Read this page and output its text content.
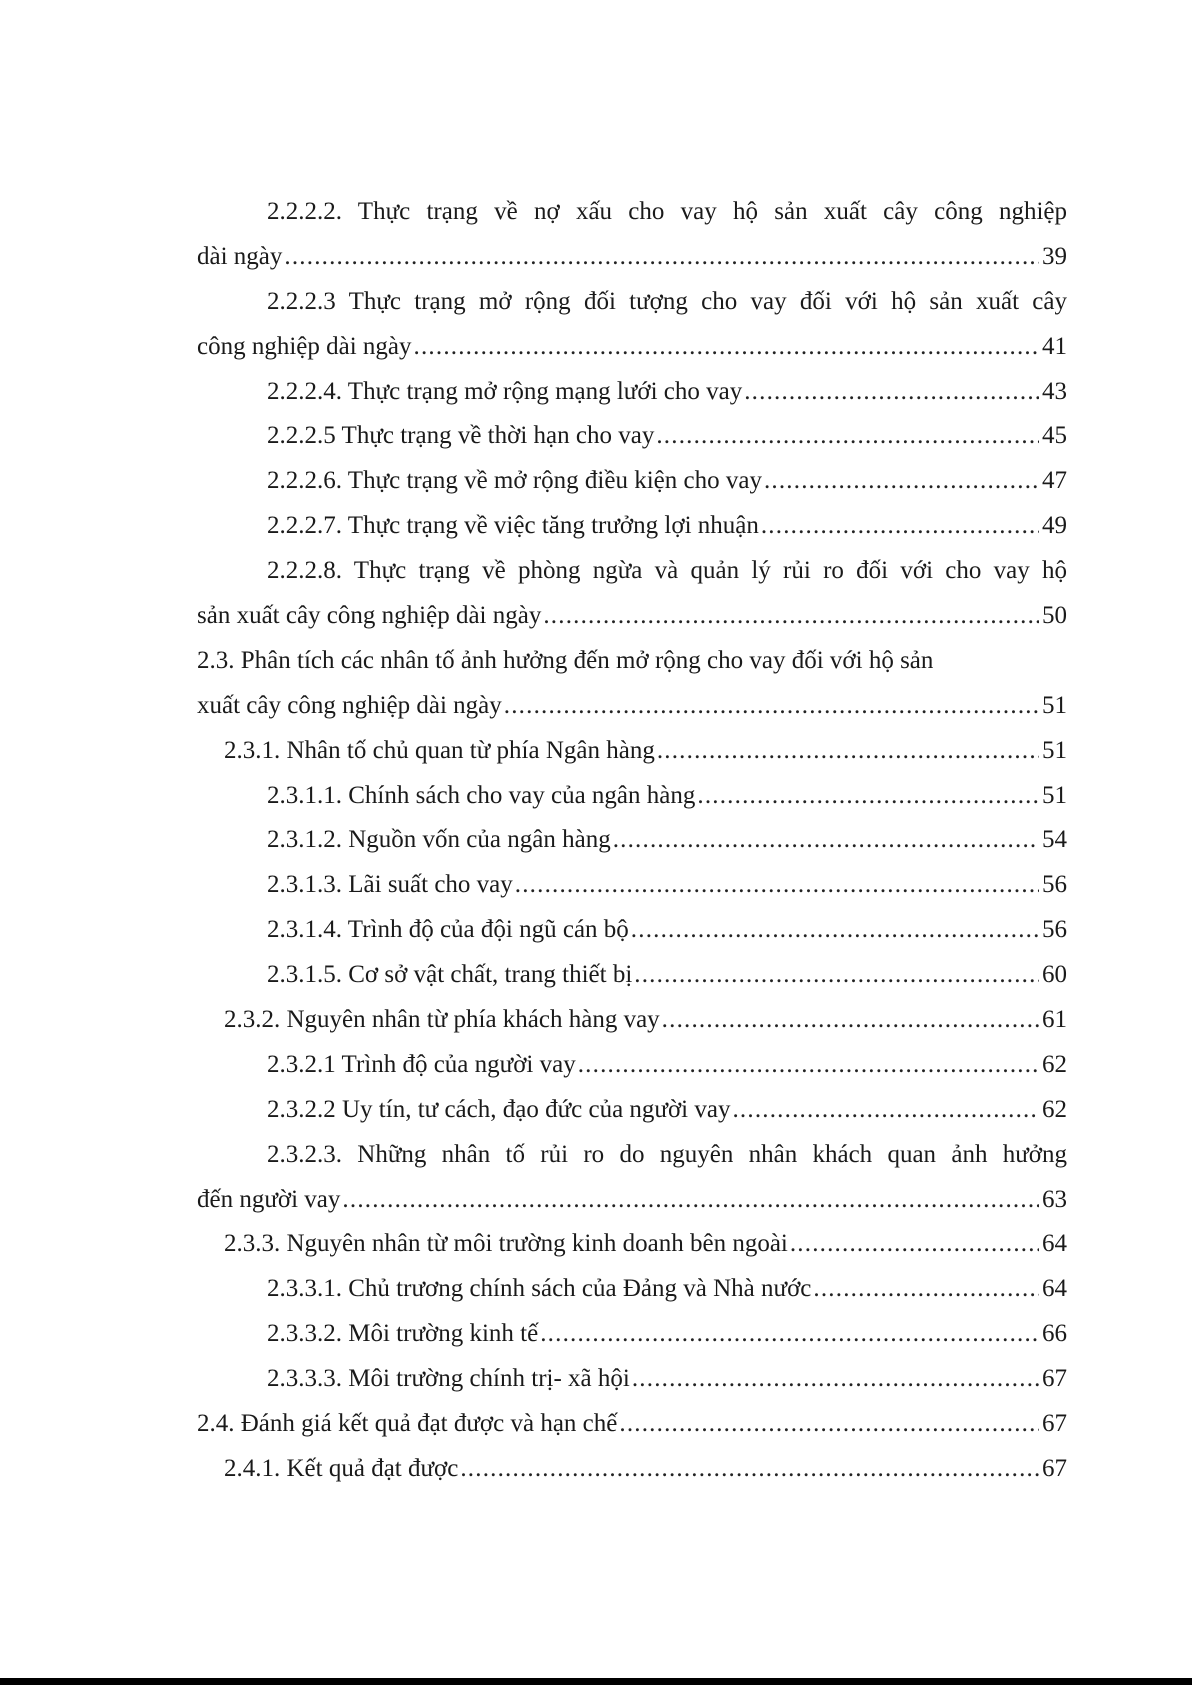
2.2.2.2. Thực trạng về nợ xấu cho vay hộ sản xuất cây công nghiệp
dài ngày .....	39
2.2.2.3 Thực trạng mở rộng đối tượng cho vay đối với hộ sản xuất cây
công nghiệp dài ngày .....	41
2.2.2.4. Thực trạng mở rộng mạng lưới cho vay .....	43
2.2.2.5 Thực trạng về thời hạn cho vay .....	45
2.2.2.6. Thực trạng về mở rộng điều kiện cho vay .....	47
2.2.2.7. Thực trạng về việc tăng trưởng lợi nhuận .....	49
2.2.2.8. Thực trạng về phòng ngừa và quản lý rủi ro đối với cho vay hộ
sản xuất cây công nghiệp dài ngày .....	50
2.3. Phân tích các nhân tố ảnh hưởng đến mở rộng cho vay đối với hộ sản
xuất cây công nghiệp dài ngày .....	51
2.3.1. Nhân tố chủ quan từ phía Ngân hàng .....	51
2.3.1.1. Chính sách cho vay của ngân hàng .....	51
2.3.1.2. Nguồn vốn của ngân hàng .....	54
2.3.1.3. Lãi suất cho vay .....	56
2.3.1.4. Trình độ của đội ngũ cán bộ .....	56
2.3.1.5. Cơ sở vật chất, trang thiết bị .....	60
2.3.2. Nguyên nhân từ phía khách hàng vay .....	61
2.3.2.1 Trình độ của người vay .....	62
2.3.2.2 Uy tín, tư cách, đạo đức của người vay .....	62
2.3.2.3. Những nhân tố rủi ro do nguyên nhân khách quan ảnh hưởng
đến người vay .....	63
2.3.3. Nguyên nhân từ môi trường kinh doanh bên ngoài .....	64
2.3.3.1. Chủ trương chính sách của Đảng và Nhà nước .....	64
2.3.3.2. Môi trường kinh tế .....	66
2.3.3.3. Môi trường chính trị- xã hội .....	67
2.4. Đánh giá kết quả đạt được và hạn chế .....	67
2.4.1. Kết quả đạt được .....	67
